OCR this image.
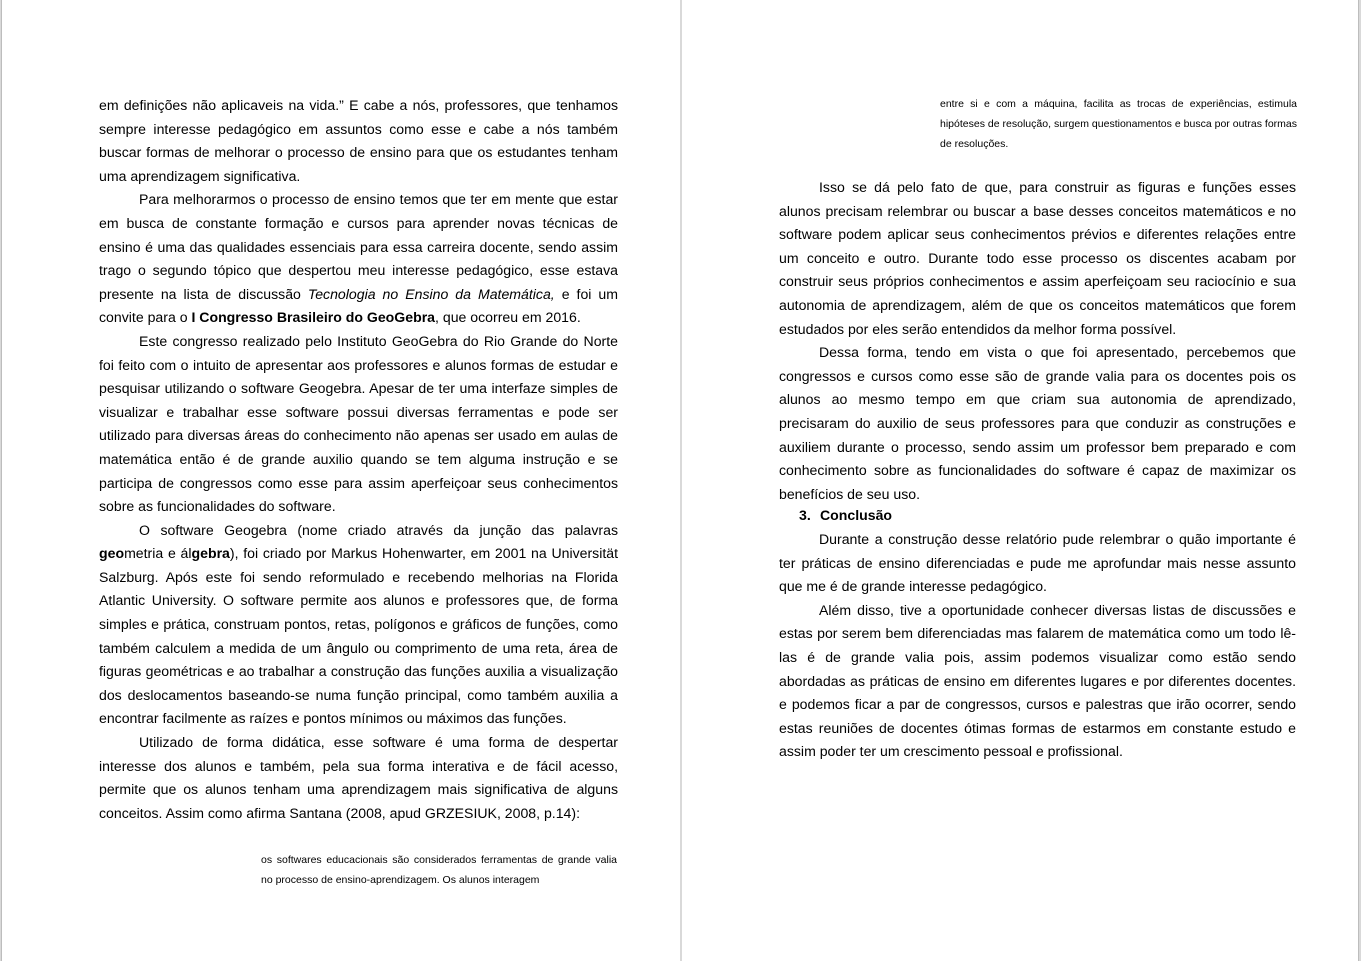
em definições não aplicaveis na vida.” E cabe a nós, professores, que tenhamos sempre interesse pedagógico em assuntos como esse e cabe a nós também buscar formas de melhorar o processo de ensino para que os estudantes tenham uma aprendizagem significativa.

Para melhorarmos o processo de ensino temos que ter em mente que estar em busca de constante formação e cursos para aprender novas técnicas de ensino é uma das qualidades essenciais para essa carreira docente, sendo assim trago o segundo tópico que despertou meu interesse pedagógico, esse estava presente na lista de discussão Tecnologia no Ensino da Matemática, e foi um convite para o I Congresso Brasileiro do GeoGebra, que ocorreu em 2016.

Este congresso realizado pelo Instituto GeoGebra do Rio Grande do Norte foi feito com o intuito de apresentar aos professores e alunos formas de estudar e pesquisar utilizando o software Geogebra. Apesar de ter uma interfaze simples de visualizar e trabalhar esse software possui diversas ferramentas e pode ser utilizado para diversas áreas do conhecimento não apenas ser usado em aulas de matemática então é de grande auxilio quando se tem alguma instrução e se participa de congressos como esse para assim aperfeiçoar seus conhecimentos sobre as funcionalidades do software.

O software Geogebra (nome criado através da junção das palavras geometria e álgebra), foi criado por Markus Hohenwarter, em 2001 na Universität Salzburg. Após este foi sendo reformulado e recebendo melhorias na Florida Atlantic University. O software permite aos alunos e professores que, de forma simples e prática, construam pontos, retas, polígonos e gráficos de funções, como também calculem a medida de um ângulo ou comprimento de uma reta, área de figuras geométricas e ao trabalhar a construção das funções auxilia a visualização dos deslocamentos baseando-se numa função principal, como também auxilia a encontrar facilmente as raízes e pontos mínimos ou máximos das funções.

Utilizado de forma didática, esse software é uma forma de despertar interesse dos alunos e também, pela sua forma interativa e de fácil acesso, permite que os alunos tenham uma aprendizagem mais significativa de alguns conceitos. Assim como afirma Santana (2008, apud GRZESIUK, 2008, p.14):

os softwares educacionais são considerados ferramentas de grande valia no processo de ensino-aprendizagem. Os alunos interagem
entre si e com a máquina, facilita as trocas de experiências, estimula hipóteses de resolução, surgem questionamentos e busca por outras formas de resoluções.

Isso se dá pelo fato de que, para construir as figuras e funções esses alunos precisam relembrar ou buscar a base desses conceitos matemáticos e no software podem aplicar seus conhecimentos prévios e diferentes relações entre um conceito e outro. Durante todo esse processo os discentes acabam por construir seus próprios conhecimentos e assim aperfeiçoam seu raciocínio e sua autonomia de aprendizagem, além de que os conceitos matemáticos que forem estudados por eles serão entendidos da melhor forma possível.

Dessa forma, tendo em vista o que foi apresentado, percebemos que congressos e cursos como esse são de grande valia para os docentes pois os alunos ao mesmo tempo em que criam sua autonomia de aprendizado, precisaram do auxilio de seus professores para que conduzir as construções e auxiliem durante o processo, sendo assim um professor bem preparado e com conhecimento sobre as funcionalidades do software é capaz de maximizar os benefícios de seu uso.

3. Conclusão

Durante a construção desse relatório pude relembrar o quão importante é ter práticas de ensino diferenciadas e pude me aprofundar mais nesse assunto que me é de grande interesse pedagógico.

Além disso, tive a oportunidade conhecer diversas listas de discussões e estas por serem bem diferenciadas mas falarem de matemática como um todo lê-las é de grande valia pois, assim podemos visualizar como estão sendo abordadas as práticas de ensino em diferentes lugares e por diferentes docentes. e podemos ficar a par de congressos, cursos e palestras que irão ocorrer, sendo estas reuniões de docentes ótimas formas de estarmos em constante estudo e assim poder ter um crescimento pessoal e profissional.
